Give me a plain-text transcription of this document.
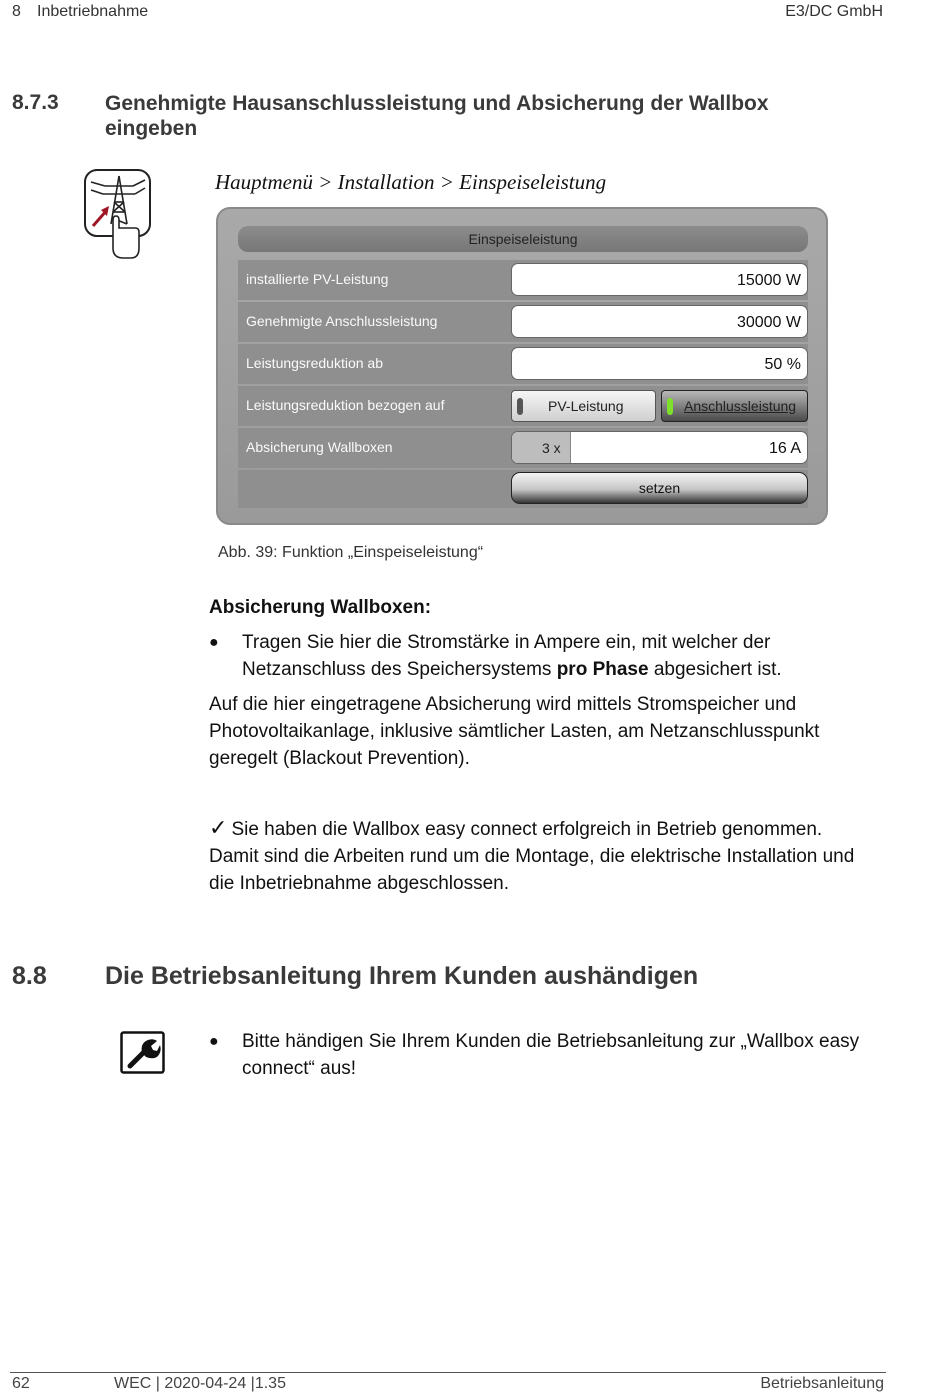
8 Inbetriebnahme	E3/DC GmbH
8.7.3 Genehmigte Hausanschlussleistung und Absicherung der Wallbox eingeben
Hauptmenü > Installation > Einspeiseleistung
Einspeiseleistung
installierte PV-Leistung	15000 W
Genehmigte Anschlussleistung	30000 W
Leistungsreduktion ab	50 %
Leistungsreduktion bezogen auf	PV-Leistung	Anschlussleistung
Absicherung Wallboxen	3 x	16 A
setzen
Abb. 39: Funktion „Einspeiseleistung“
Absicherung Wallboxen:
● Tragen Sie hier die Stromstärke in Ampere ein, mit welcher der Netzanschluss des Speichersystems pro Phase abgesichert ist.
Auf die hier eingetragene Absicherung wird mittels Stromspeicher und Photovoltaikanlage, inklusive sämtlicher Lasten, am Netzanschlusspunkt geregelt (Blackout Prevention).
✓ Sie haben die Wallbox easy connect erfolgreich in Betrieb genommen. Damit sind die Arbeiten rund um die Montage, die elektrische Installation und die Inbetriebnahme abgeschlossen.
8.8 Die Betriebsanleitung Ihrem Kunden aushändigen
● Bitte händigen Sie Ihrem Kunden die Betriebsanleitung zur „Wallbox easy connect“ aus!
62	WEC | 2020-04-24 |1.35	Betriebsanleitung
